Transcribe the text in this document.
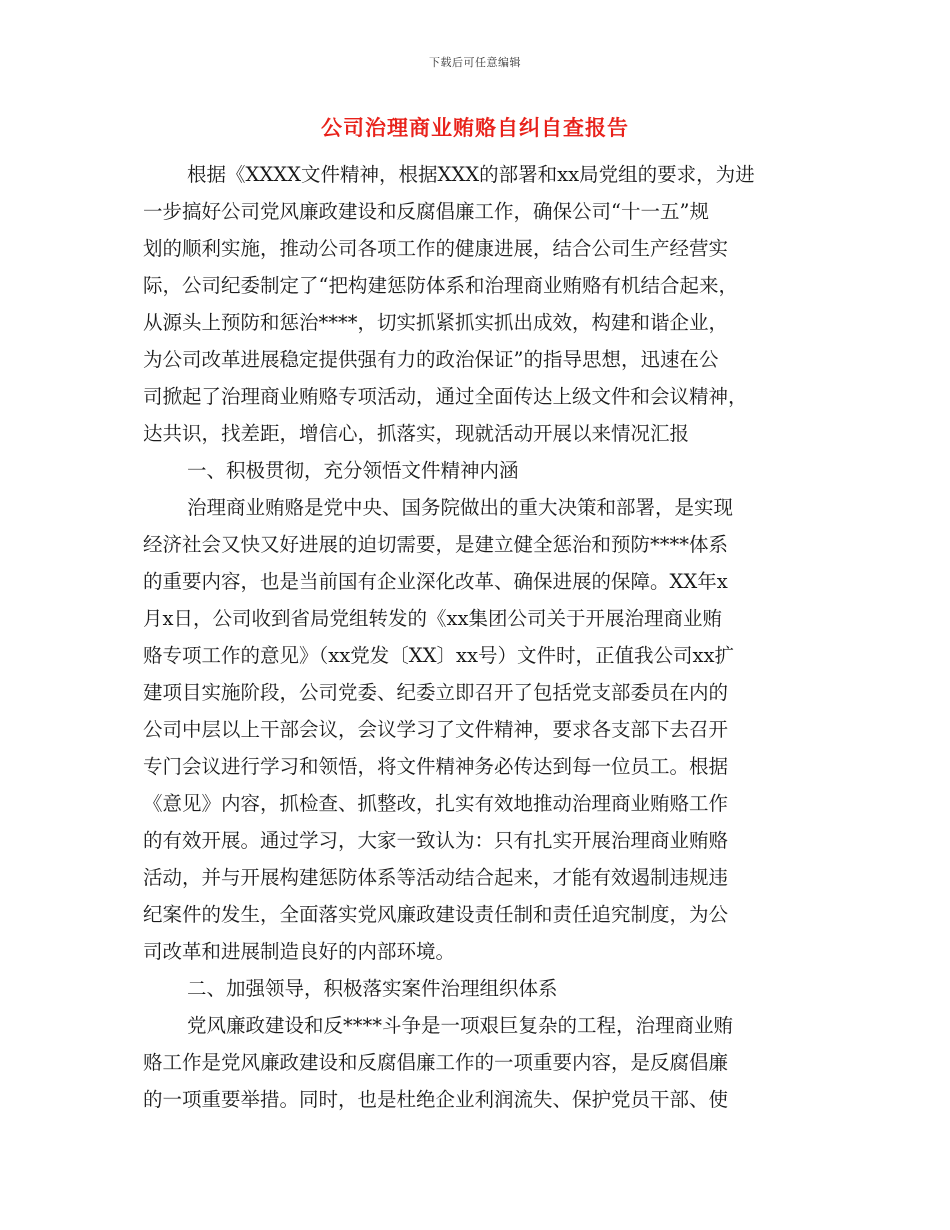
下载后可任意编辑
公司治理商业贿赂自纠自查报告
根据《XXXX文件精神，根据XXX的部署和xx局党组的要求，为进
一步搞好公司党风廉政建设和反腐倡廉工作，确保公司“十一五”规
划的顺利实施，推动公司各项工作的健康进展，结合公司生产经营实
际，公司纪委制定了“把构建惩防体系和治理商业贿赂有机结合起来，
从源头上预防和惩治****，切实抓紧抓实抓出成效，构建和谐企业，
为公司改革进展稳定提供强有力的政治保证”的指导思想，迅速在公
司掀起了治理商业贿赂专项活动，通过全面传达上级文件和会议精神，
达共识，找差距，增信心，抓落实，现就活动开展以来情况汇报
一、积极贯彻，充分领悟文件精神内涵
治理商业贿赂是党中央、国务院做出的重大决策和部署，是实现
经济社会又快又好进展的迫切需要，是建立健全惩治和预防****体系
的重要内容，也是当前国有企业深化改革、确保进展的保障。XX年x
月x日，公司收到省局党组转发的《xx集团公司关于开展治理商业贿
赂专项工作的意见》（xx党发〔XX〕xx号）文件时，正值我公司xx扩
建项目实施阶段，公司党委、纪委立即召开了包括党支部委员在内的
公司中层以上干部会议，会议学习了文件精神，要求各支部下去召开
专门会议进行学习和领悟，将文件精神务必传达到每一位员工。根据
《意见》内容，抓检查、抓整改，扎实有效地推动治理商业贿赂工作
的有效开展。通过学习，大家一致认为：只有扎实开展治理商业贿赂
活动，并与开展构建惩防体系等活动结合起来，才能有效遏制违规违
纪案件的发生，全面落实党风廉政建设责任制和责任追究制度，为公
司改革和进展制造良好的内部环境。
二、加强领导，积极落实案件治理组织体系
党风廉政建设和反****斗争是一项艰巨复杂的工程，治理商业贿
赂工作是党风廉政建设和反腐倡廉工作的一项重要内容，是反腐倡廉
的一项重要举措。同时，也是杜绝企业利润流失、保护党员干部、使
